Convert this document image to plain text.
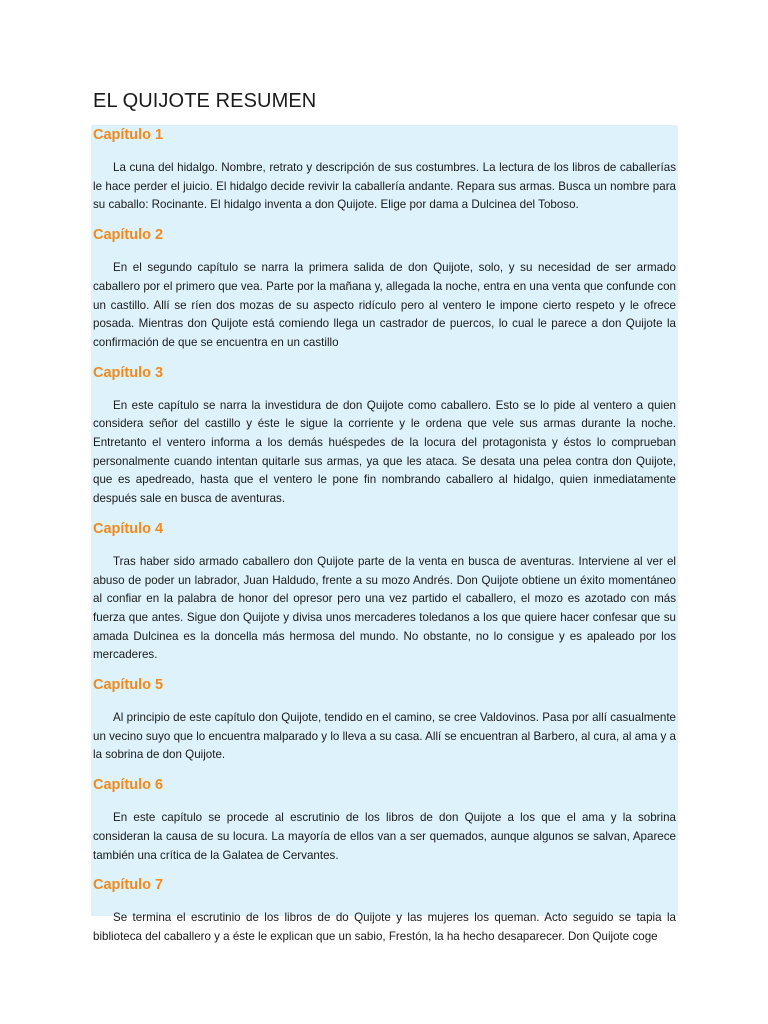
EL QUIJOTE RESUMEN
Capítulo 1

La cuna del hidalgo. Nombre, retrato y descripción de sus costumbres. La lectura de los libros de caballerías le hace perder el juicio. El hidalgo decide revivir la caballería andante. Repara sus armas. Busca un nombre para su caballo: Rocinante. El hidalgo inventa a don Quijote. Elige por dama a Dulcinea del Toboso.

Capítulo 2

En el segundo capítulo se narra la primera salida de don Quijote, solo, y su necesidad de ser armado caballero por el primero que vea. Parte por la mañana y, allegada la noche, entra en una venta que confunde con un castillo. Allí se ríen dos mozas de su aspecto ridículo pero al ventero le impone cierto respeto y le ofrece posada. Mientras don Quijote está comiendo llega un castrador de puercos, lo cual le parece a don Quijote la confirmación de que se encuentra en un castillo

Capítulo 3

En este capítulo se narra la investidura de don Quijote como caballero. Esto se lo pide al ventero a quien considera señor del castillo y éste le sigue la corriente y le ordena que vele sus armas durante la noche. Entretanto el ventero informa a los demás huéspedes de la locura del protagonista y éstos lo comprueban personalmente cuando intentan quitarle sus armas, ya que les ataca. Se desata una pelea contra don Quijote, que es apedreado, hasta que el ventero le pone fin nombrando caballero al hidalgo, quien inmediatamente después sale en busca de aventuras.

Capítulo 4

Tras haber sido armado caballero don Quijote parte de la venta en busca de aventuras. Interviene al ver el abuso de poder un labrador, Juan Haldudo, frente a su mozo Andrés. Don Quijote obtiene un éxito momentáneo al confiar en la palabra de honor del opresor pero una vez partido el caballero, el mozo es azotado con más fuerza que antes. Sigue don Quijote y divisa unos mercaderes toledanos a los que quiere hacer confesar que su amada Dulcinea es la doncella más hermosa del mundo. No obstante, no lo consigue y es apaleado por los mercaderes.

Capítulo 5

Al principio de este capítulo don Quijote, tendido en el camino, se cree Valdovinos. Pasa por allí casualmente un vecino suyo que lo encuentra malparado y lo lleva a su casa. Allí se encuentran al Barbero, al cura, al ama y a la sobrina de don Quijote.

Capítulo 6

En este capítulo se procede al escrutinio de los libros de don Quijote a los que el ama y la sobrina consideran la causa de su locura. La mayoría de ellos van a ser quemados, aunque algunos se salvan, Aparece también una crítica de la Galatea de Cervantes.

Capítulo 7

Se termina el escrutinio de los libros de do Quijote y las mujeres los queman. Acto seguido se tapia la biblioteca del caballero y a éste le explican que un sabio, Frestón, la ha hecho desaparecer. Don Quijote coge
